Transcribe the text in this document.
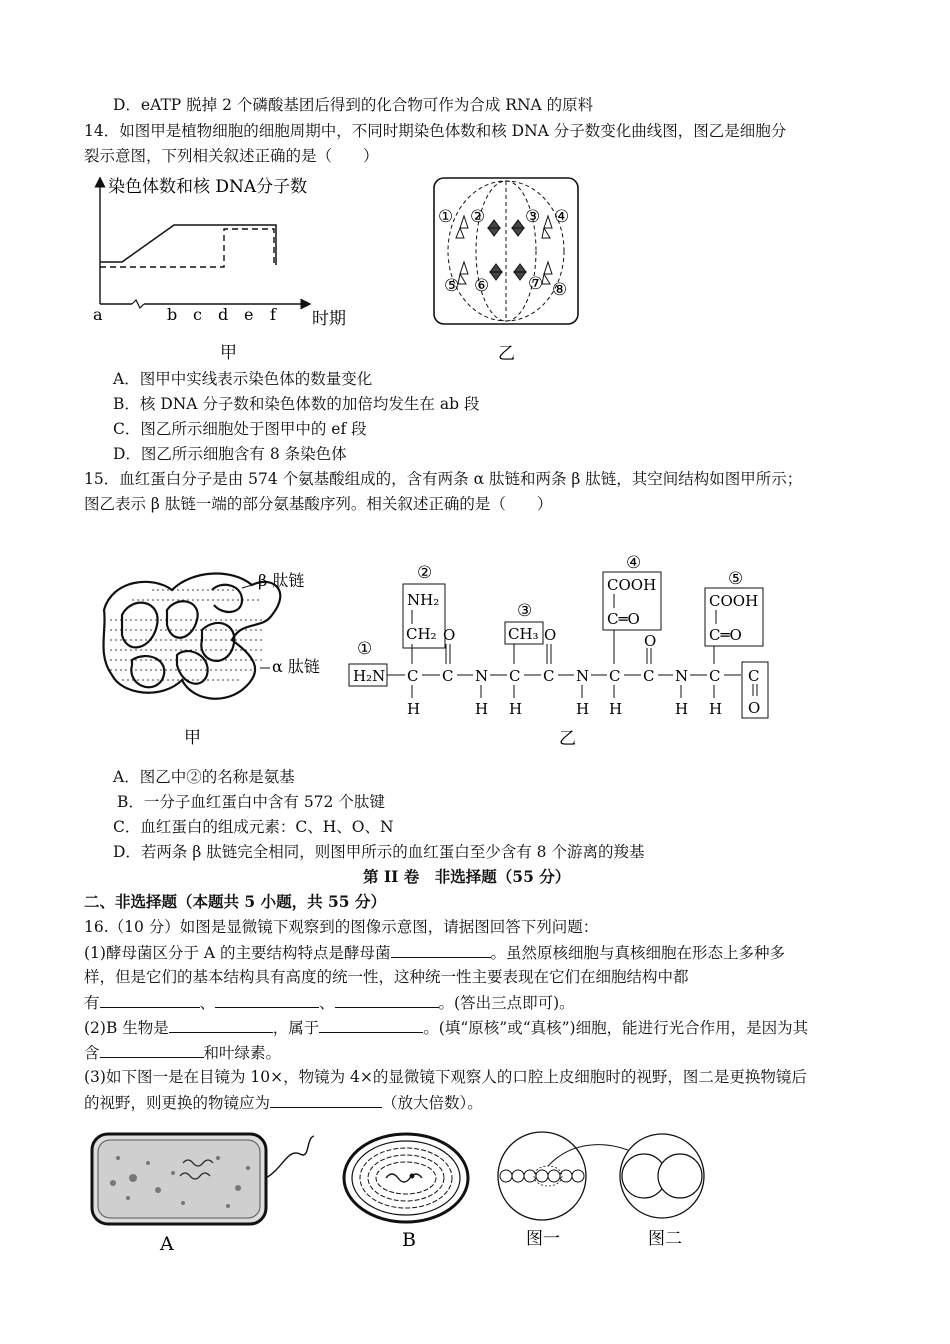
D．eATP 脱掉 2 个磷酸基团后得到的化合物可作为合成 RNA 的原料
14．如图甲是植物细胞的细胞周期中，不同时期染色体数和核 DNA 分子数变化曲线图，图乙是细胞分
裂示意图，下列相关叙述正确的是（　　）
染色体数和核 DNA分子数
时期
a	b c d e f
甲
① ② ③ ④
⑤ ⑥ ⑦ ⑧
乙
A．图甲中实线表示染色体的数量变化
B．核 DNA 分子数和染色体数的加倍均发生在 ab 段
C．图乙所示细胞处于图甲中的 ef 段
D．图乙所示细胞含有 8 条染色体
15．血红蛋白分子是由 574 个氨基酸组成的，含有两条 α 肽链和两条 β 肽链，其空间结构如图甲所示；
图乙表示 β 肽链一端的部分氨基酸序列。相关叙述正确的是（　　）
β 肽链
α 肽链
甲
H₂N
①
C C N C C N C C N C C
O
H	H H	H H	H H
O	O	O
②
NH₂
CH₂
③
CH₃
④
COOH
C═O
⑤
COOH
C═O
乙
A．图乙中②的名称是氨基
B．一分子血红蛋白中含有 572 个肽键
C．血红蛋白的组成元素：C、H、O、N
D．若两条 β 肽链完全相同，则图甲所示的血红蛋白至少含有 8 个游离的羧基
第 II 卷　非选择题（55 分）
二、非选择题（本题共 5 小题，共 55 分）
16.（10 分）如图是显微镜下观察到的图像示意图，请据图回答下列问题：
(1)酵母菌区分于 A 的主要结构特点是酵母菌	。虽然原核细胞与真核细胞在形态上多种多
样，但是它们的基本结构具有高度的统一性，这种统一性主要表现在它们在细胞结构中都
有	、	、	。(答出三点即可)。
(2)B 生物是	，属于	。(填“原核”或“真核”)细胞，能进行光合作用，是因为其
含	和叶绿素。
(3)如下图一是在目镜为 10×，物镜为 4×的显微镜下观察人的口腔上皮细胞时的视野，图二是更换物镜后
的视野，则更换的物镜应为	（放大倍数）。
A	B	图一	图二
